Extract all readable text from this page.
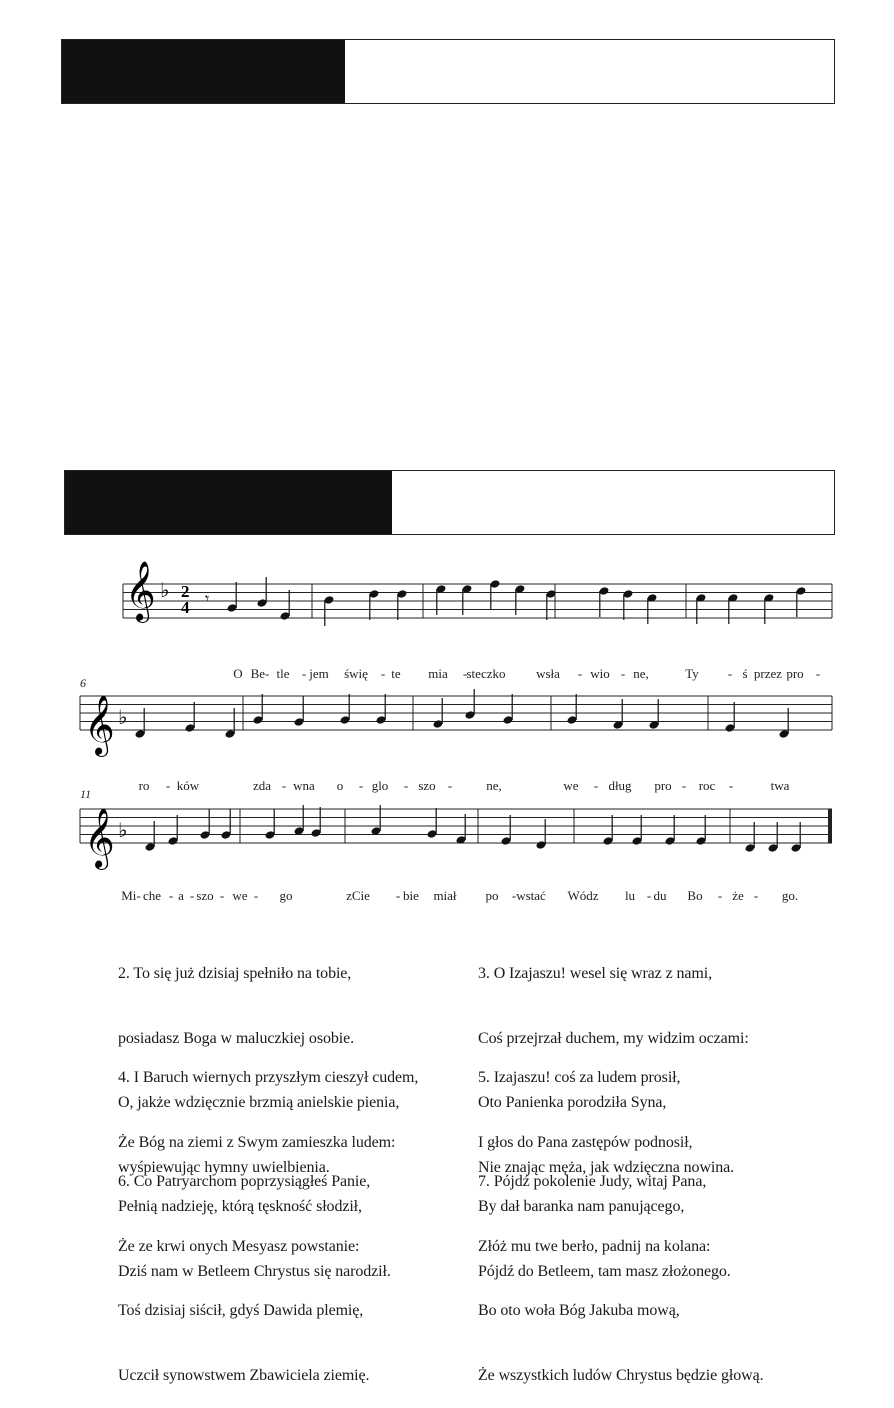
𝄞 ♭ 2
4 𝄾
O Be- tle - jem świę - te mia - steczko wsła - wio - ne,	Ty - ś przez pro -
6
𝄞 ♭
ro - ków	zda - wna o - glo - szo -	ne,	we - dług pro - roc -	twa
11
𝄞 ♭
Mi- che - a - szo - we - go	zCie - bie miał po - wstać Wódz lu - du Bo - że - go.

2. To się już dzisiaj spełniło na tobie,

posiadasz Boga w maluczkiej osobie.

O, jakże wdzięcznie brzmią anielskie pienia,

wyśpiewując hymny uwielbienia.

3. O Izajaszu! wesel się wraz z nami,

Coś przejrzał duchem, my widzim oczami:

Oto Panienka porodziła Syna,

Nie znając męża, jak wdzięczna nowina.

4. I Baruch wiernych przyszłym cieszył cudem,

Że Bóg na ziemi z Swym zamieszka ludem:

Pełnią nadzieję, którą tęskność słodził,

Dziś nam w Betleem Chrystus się narodził.

5. Izajaszu! coś za ludem prosił,

I głos do Pana zastępów podnosił,

By dał baranka nam panującego,

Pójdź do Betleem, tam masz złożonego.

6. Co Patryarchom poprzysiągłeś Panie,

Że ze krwi onych Mesyasz powstanie:

Toś dzisiaj siścił, gdyś Dawida plemię,

Uczcił synowstwem Zbawiciela ziemię.

7. Pójdź pokolenie Judy, witaj Pana,

Złóż mu twe berło, padnij na kolana:

Bo oto woła Bóg Jakuba mową,

Że wszystkich ludów Chrystus będzie głową.
